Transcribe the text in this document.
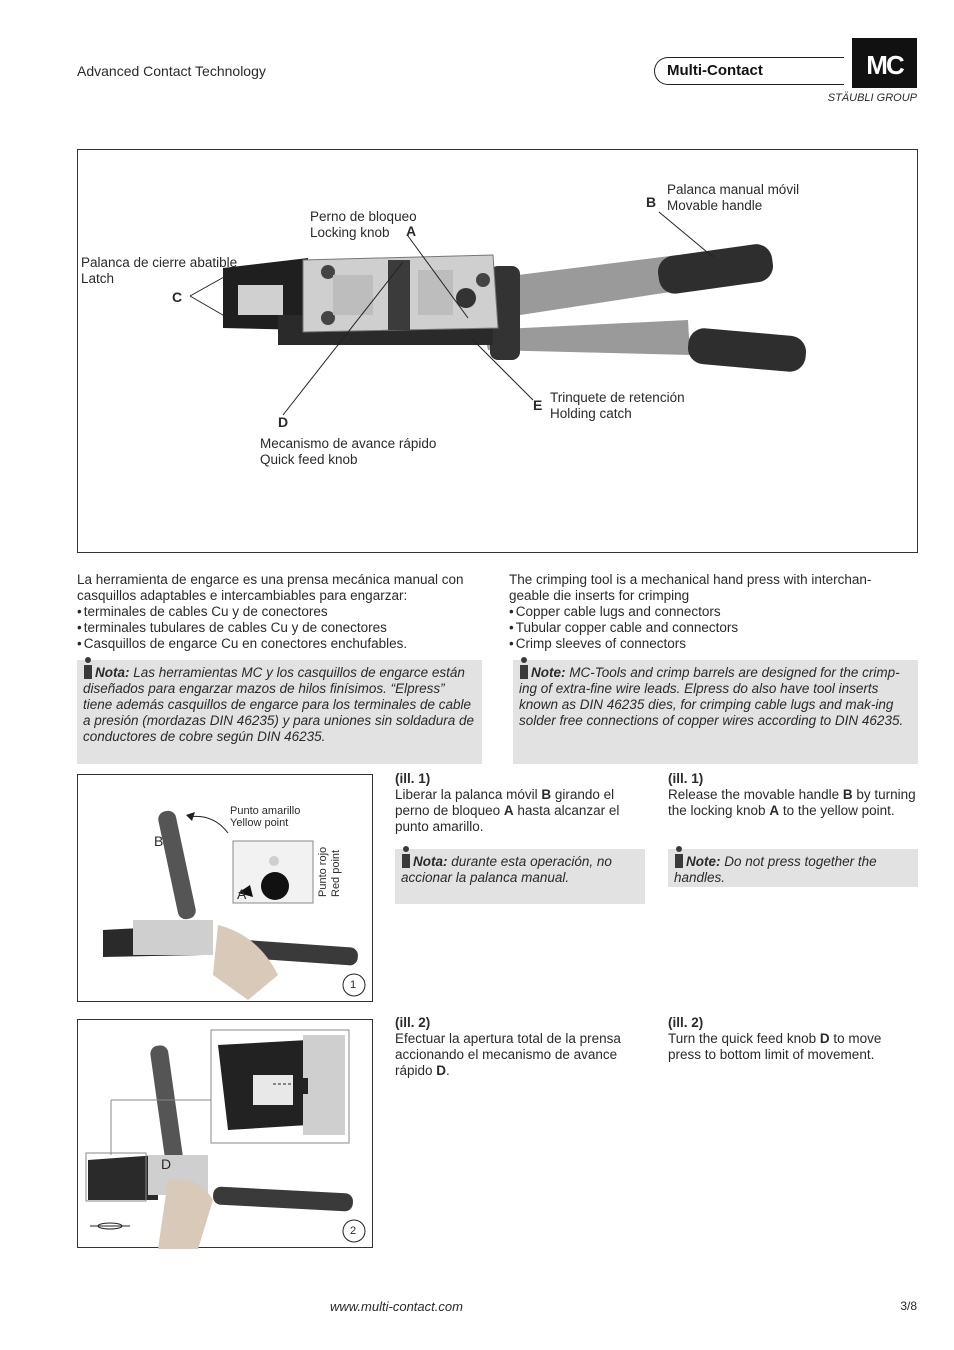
Advanced Contact Technology	Multi-Contact	MC
STÄUBLI GROUP
B
Palanca manual móvil
Movable handle
Perno de bloqueo
Locking knob A
Palanca de cierre abatible
Latch
C
D
Mecanismo de avance rápido
Quick feed knob
E Trinquete de retención
Holding catch
La herramienta de engarce es una prensa mecánica manual con casquillos adaptables e intercambiables para engarzar:
• terminales de cables Cu y de conectores
• terminales tubulares de cables Cu y de conectores
• Casquillos de engarce Cu en conectores enchufables.
The crimping tool is a mechanical hand press with interchan-geable die inserts for crimping
• Copper cable lugs and connectors
• Tubular copper cable and connectors
• Crimp sleeves of connectors
Nota: Las herramientas MC y los casquillos de engarce están diseñados para engarzar mazos de hilos finísimos. “Elpress” tiene además casquillos de engarce para los terminales de cable a presión (mordazas DIN 46235) y para uniones sin soldadura de conductores de cobre según DIN 46235.
Note: MC-Tools and crimp barrels are designed for the crimp-ing of extra-fine wire leads. Elpress do also have tool inserts known as DIN 46235 dies, for crimping cable lugs and mak-ing solder free connections of copper wires according to DIN 46235.
Punto amarillo
Yellow point
Punto rojo Red point
B
A
1
(ill. 1)
Liberar la palanca móvil B girando el perno de bloqueo A hasta alcanzar el punto amarillo.
(ill. 1)
Release the movable handle B by turning the locking knob A to the yellow point.
Nota: durante esta operación, no accionar la palanca manual.
Note: Do not press together the handles.
D
2
(ill. 2)
Efectuar la apertura total de la prensa accionando el mecanismo de avance rápido D.
(ill. 2)
Turn the quick feed knob D to move press to bottom limit of movement.
www.multi-contact.com	3/8
